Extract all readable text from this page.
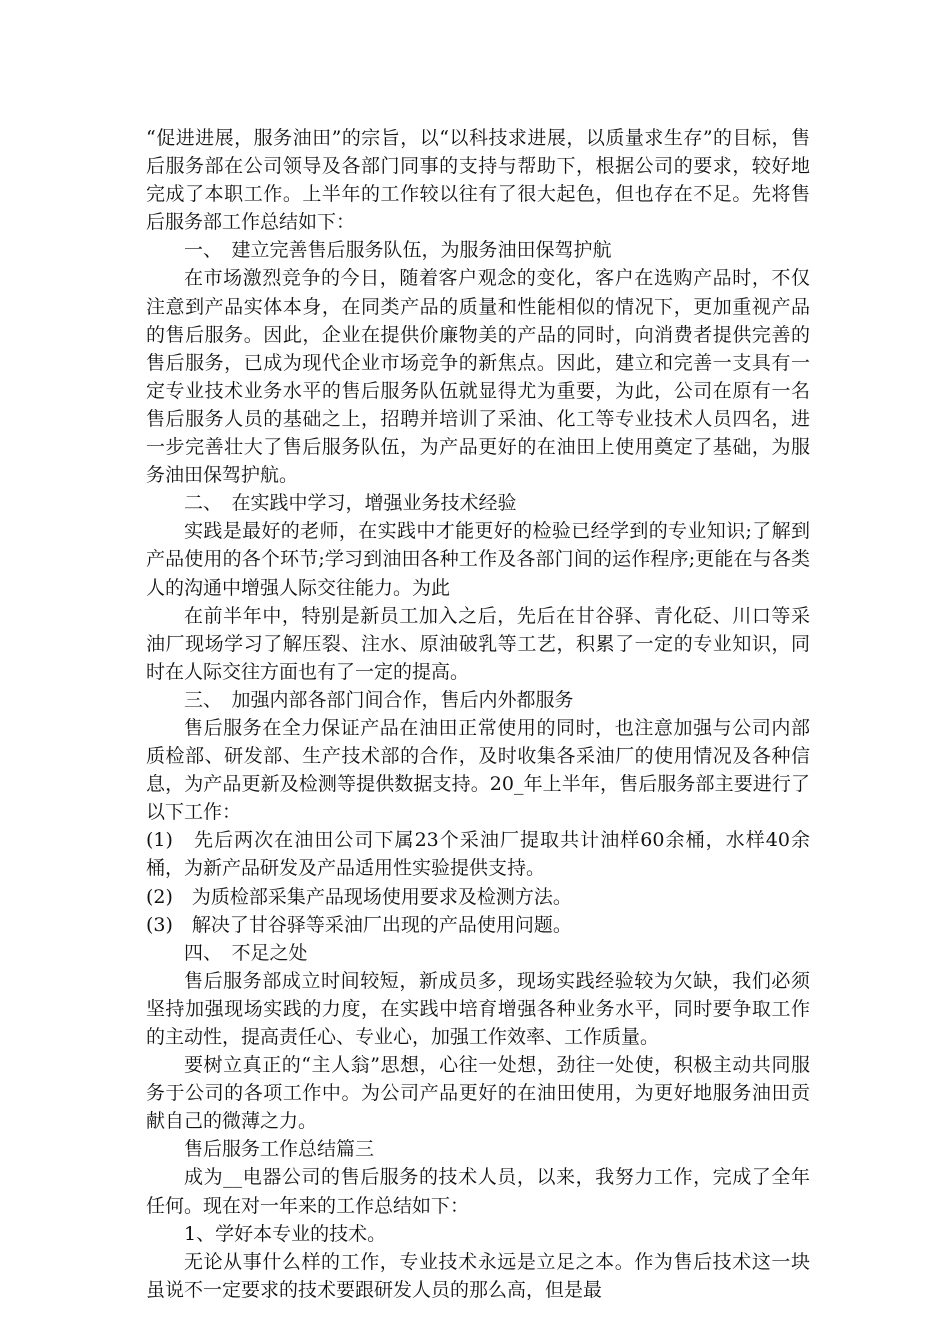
“促进进展，服务油田”的宗旨，以“以科技求进展，以质量求生存”的目标，售后服务部在公司领导及各部门同事的支持与帮助下，根据公司的要求，较好地完成了本职工作。上半年的工作较以往有了很大起色，但也存在不足。先将售后服务部工作总结如下：

一、　建立完善售后服务队伍，为服务油田保驾护航

在市场激烈竞争的今日，随着客户观念的变化，客户在选购产品时，不仅注意到产品实体本身，在同类产品的质量和性能相似的情况下，更加重视产品的售后服务。因此，企业在提供价廉物美的产品的同时，向消费者提供完善的售后服务，已成为现代企业市场竞争的新焦点。因此，建立和完善一支具有一定专业技术业务水平的售后服务队伍就显得尤为重要，为此，公司在原有一名售后服务人员的基础之上，招聘并培训了采油、化工等专业技术人员四名，进一步完善壮大了售后服务队伍，为产品更好的在油田上使用奠定了基础，为服务油田保驾护航。

二、　在实践中学习，增强业务技术经验

实践是最好的老师，在实践中才能更好的检验已经学到的专业知识;了解到产品使用的各个环节;学习到油田各种工作及各部门间的运作程序;更能在与各类人的沟通中增强人际交往能力。为此

在前半年中，特别是新员工加入之后，先后在甘谷驿、青化砭、川口等采油厂现场学习了解压裂、注水、原油破乳等工艺，积累了一定的专业知识，同时在人际交往方面也有了一定的提高。

三、　加强内部各部门间合作，售后内外都服务

售后服务在全力保证产品在油田正常使用的同时，也注意加强与公司内部质检部、研发部、生产技术部的合作，及时收集各采油厂的使用情况及各种信息，为产品更新及检测等提供数据支持。20_年上半年，售后服务部主要进行了以下工作：

(1)　先后两次在油田公司下属23个采油厂提取共计油样60余桶，水样40余桶，为新产品研发及产品适用性实验提供支持。

(2)　为质检部采集产品现场使用要求及检测方法。

(3)　解决了甘谷驿等采油厂出现的产品使用问题。

四、　不足之处

售后服务部成立时间较短，新成员多，现场实践经验较为欠缺，我们必须坚持加强现场实践的力度，在实践中培育增强各种业务水平，同时要争取工作的主动性，提高责任心、专业心，加强工作效率、工作质量。

要树立真正的“主人翁”思想，心往一处想，劲往一处使，积极主动共同服务于公司的各项工作中。为公司产品更好的在油田使用，为更好地服务油田贡献自己的微薄之力。

售后服务工作总结篇三

成为__电器公司的售后服务的技术人员，以来，我努力工作，完成了全年任何。现在对一年来的工作总结如下：

1、学好本专业的技术。

无论从事什么样的工作，专业技术永远是立足之本。作为售后技术这一块虽说不一定要求的技术要跟研发人员的那么高，但是最
